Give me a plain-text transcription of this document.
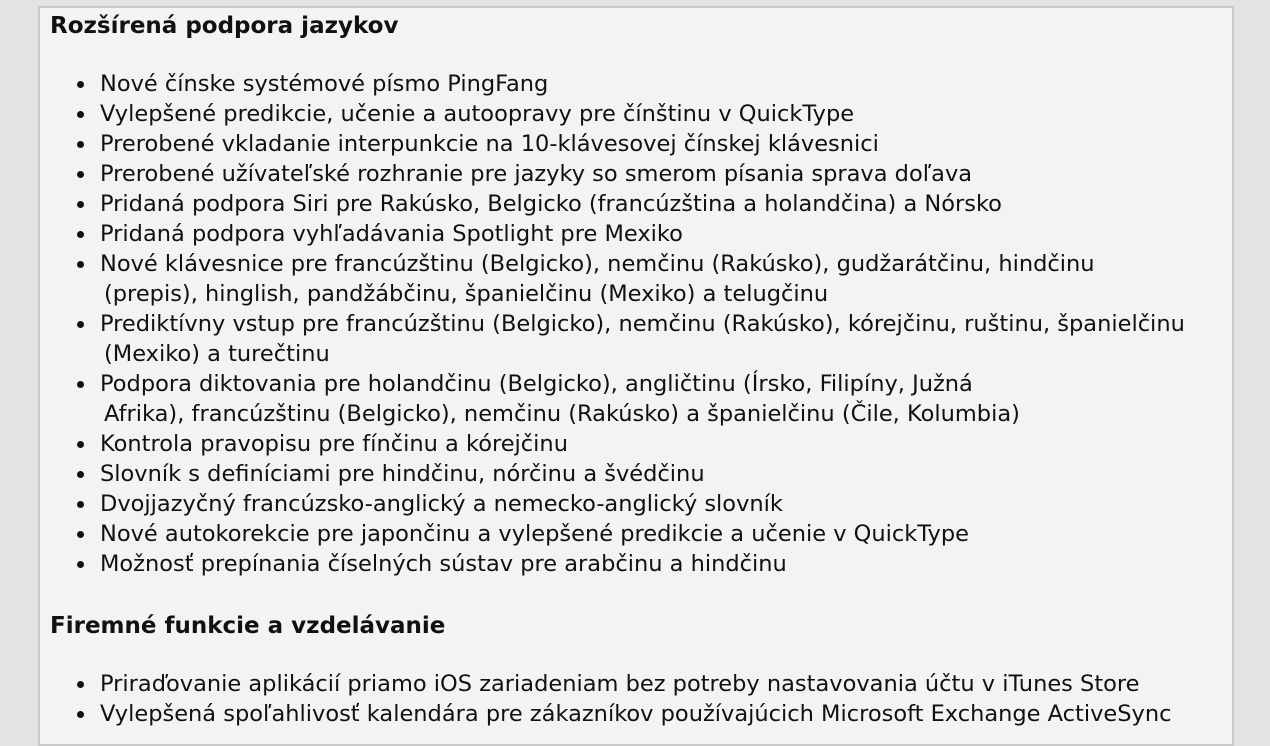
Rozšírená podpora jazykov
Nové čínske systémové písmo PingFang
Vylepšené predikcie, učenie a autoopravy pre čínštinu v QuickType
Prerobené vkladanie interpunkcie na 10-klávesovej čínskej klávesnici
Prerobené užívateľské rozhranie pre jazyky so smerom písania sprava doľava
Pridaná podpora Siri pre Rakúsko, Belgicko (francúzština a holandčina) a Nórsko
Pridaná podpora vyhľadávania Spotlight pre Mexiko
Nové klávesnice pre francúzštinu (Belgicko), nemčinu (Rakúsko), gudžarátčinu, hindčinu
(prepis), hinglish, pandžábčinu, španielčinu (Mexiko) a telugčinu
Prediktívny vstup pre francúzštinu (Belgicko), nemčinu (Rakúsko), kórejčinu, ruštinu, španielčinu
(Mexiko) a turečtinu
Podpora diktovania pre holandčinu (Belgicko), angličtinu (Írsko, Filipíny, Južná
Afrika), francúzštinu (Belgicko), nemčinu (Rakúsko) a španielčinu (Čile, Kolumbia)
Kontrola pravopisu pre fínčinu a kórejčinu
Slovník s definíciami pre hindčinu, nórčinu a švédčinu
Dvojjazyčný francúzsko-anglický a nemecko-anglický slovník
Nové autokorekcie pre japončinu a vylepšené predikcie a učenie v QuickType
Možnosť prepínania číselných sústav pre arabčinu a hindčinu
Firemné funkcie a vzdelávanie
Priraďovanie aplikácií priamo iOS zariadeniam bez potreby nastavovania účtu v iTunes Store
Vylepšená spoľahlivosť kalendára pre zákazníkov používajúcich Microsoft Exchange ActiveSync
